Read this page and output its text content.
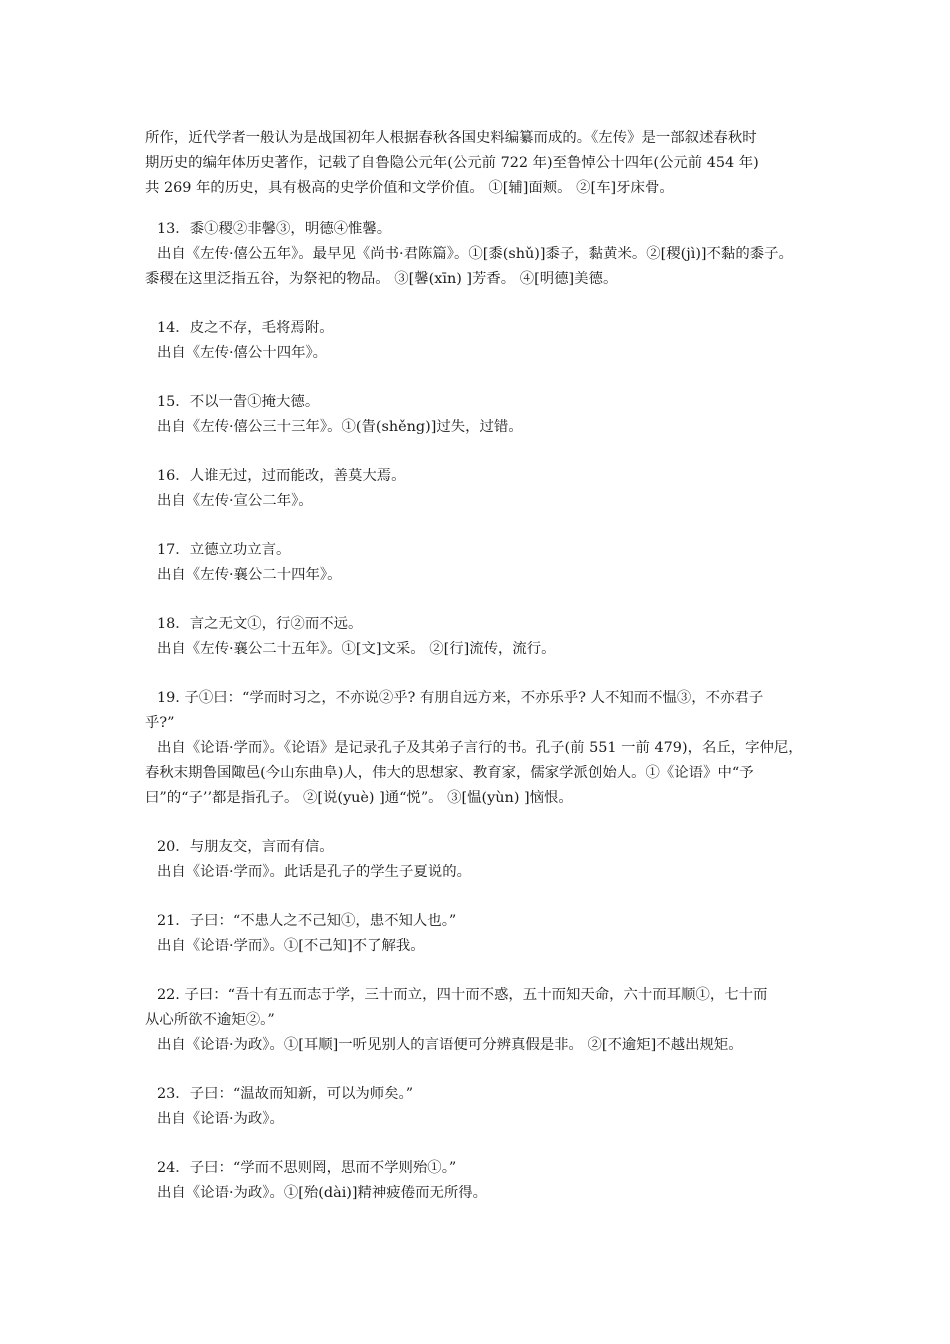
所作，近代学者一般认为是战国初年人根据春秋各国史料编纂而成的。《左传》是一部叙述春秋时
期历史的编年体历史著作，记载了自鲁隐公元年(公元前 722 年)至鲁悼公十四年(公元前 454 年)
共 269 年的历史，具有极高的史学价值和文学价值。 ①[辅]面颊。 ②[车]牙床骨。

13．黍①稷②非馨③，明德④惟馨。

出自《左传·僖公五年》。最早见《尚书·君陈篇》。①[黍(shǔ)]黍子，黏黄米。②[稷(jì)]不黏的黍子。

黍稷在这里泛指五谷，为祭祀的物品。 ③[馨(xīn) ]芳香。 ④[明德]美德。

14．皮之不存，毛将焉附。

出自《左传·僖公十四年》。

15．不以一眚①掩大德。

出自《左传·僖公三十三年》。①(眚(shěng)]过失，过错。

16．人谁无过，过而能改，善莫大焉。

出自《左传·宣公二年》。

17．立德立功立言。

出自《左传·襄公二十四年》。

18．言之无文①，行②而不远。

出自《左传·襄公二十五年》。①[文]文采。 ②[行]流传，流行。

19. 子①曰：“学而时习之，不亦说②乎? 有朋自远方来，不亦乐乎? 人不知而不愠③，不亦君子

乎?”

出自《论语·学而》。《论语》是记录孔子及其弟子言行的书。孔子(前 551 一前 479)，名丘，字仲尼，

春秋末期鲁国陬邑(今山东曲阜)人，伟大的思想家、教育家，儒家学派创始人。①《论语》中“予

曰”的“子’’都是指孔子。 ②[说(yuè) ]通“悦”。 ③[愠(yùn) ]恼恨。

20．与朋友交，言而有信。

出自《论语·学而》。此话是孔子的学生子夏说的。

21．子曰：“不患人之不己知①，患不知人也。”

出自《论语·学而》。①[不己知]不了解我。

22. 子曰：“吾十有五而志于学，三十而立，四十而不惑，五十而知天命，六十而耳顺①，七十而

从心所欲不逾矩②。”

出自《论语·为政》。①[耳顺]一听见别人的言语便可分辨真假是非。 ②[不逾矩]不越出规矩。

23．子曰：“温故而知新，可以为师矣。”

出自《论语·为政》。

24．子曰：“学而不思则罔，思而不学则殆①。”

出自《论语·为政》。①[殆(dài)]精神疲倦而无所得。
